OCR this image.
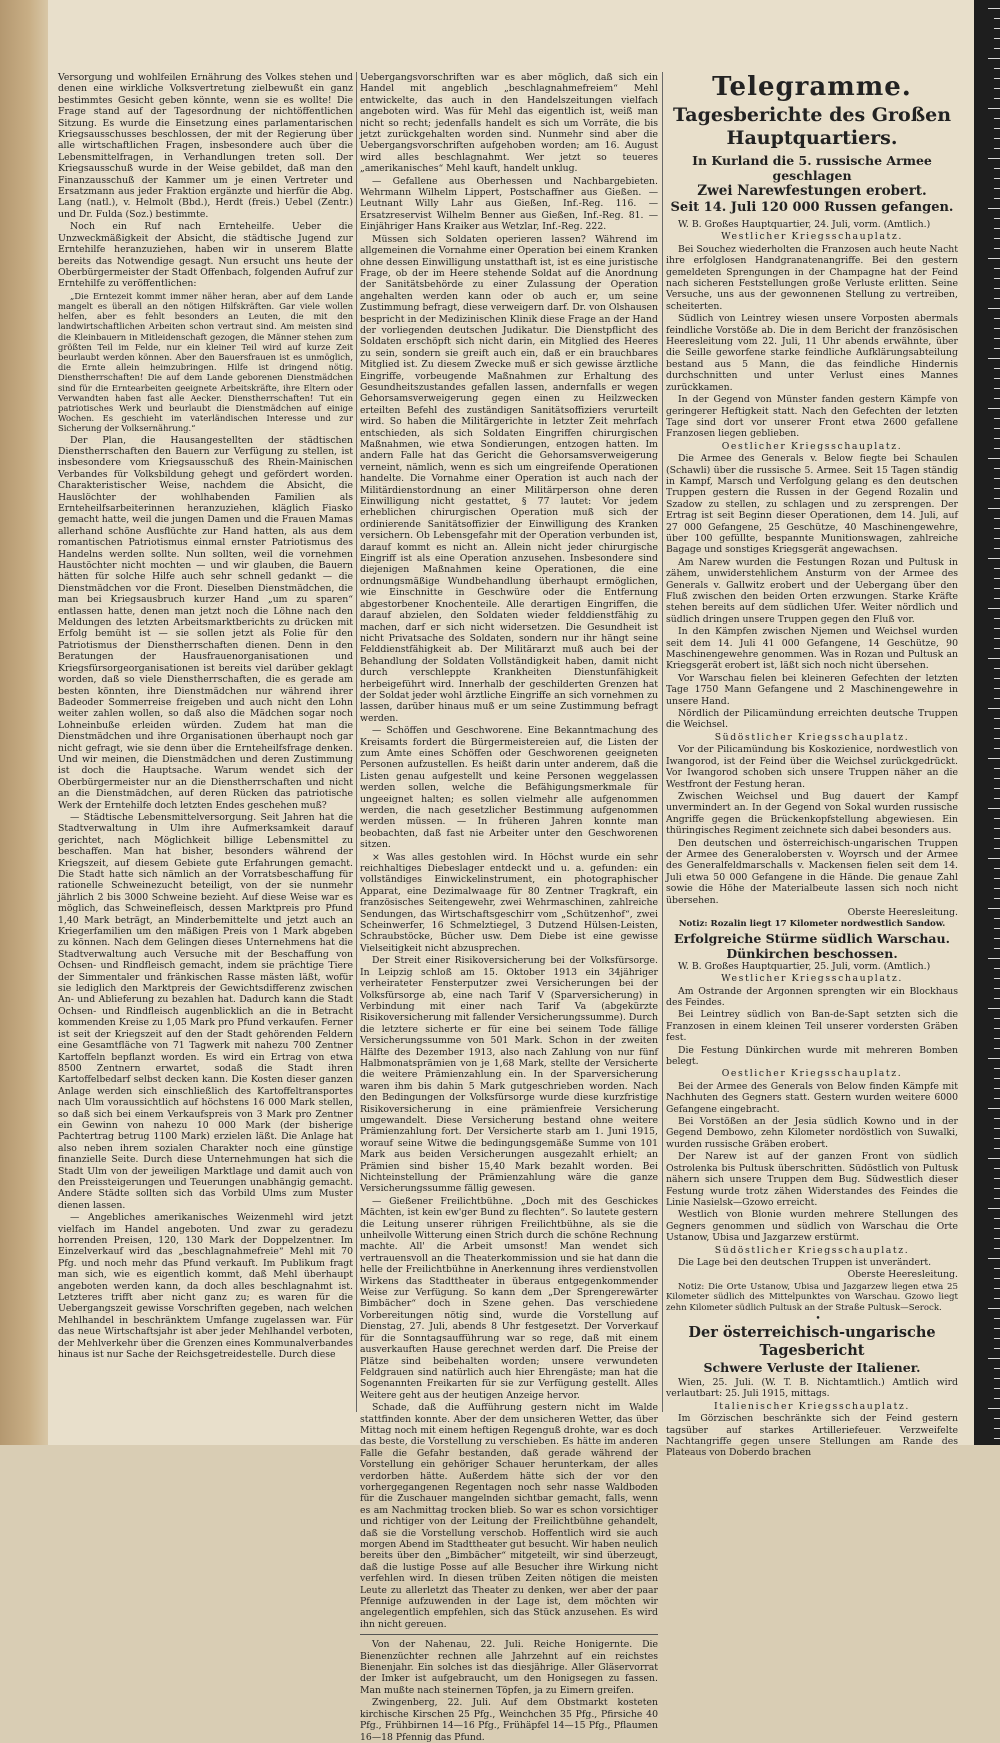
Versorgung und wohlfeilen Ernährung des Volkes stehen und denen eine wirkliche Volksvertretung zielbewußt ein ganz bestimmtes Gesicht geben könnte, wenn sie es wollte! Die Frage stand auf der Tagesordnung der nichtöffentlichen Sitzung. Es wurde die Einsetzung eines parlamentarischen Kriegsausschusses beschlossen, der mit der Regierung über alle wirtschaftlichen Fragen, insbesondere auch über die Lebensmittelfragen, in Verhandlungen treten soll. Der Kriegsausschuß wurde in der Weise gebildet, daß man den Finanzausschuß der Kammer um je einen Vertreter und Ersatzmann aus jeder Fraktion ergänzte und hierfür die Abg. Lang (natl.), v. Helmolt (Bbd.), Herdt (freis.) Uebel (Zentr.) und Dr. Fulda (Soz.) bestimmte.

Noch ein Ruf nach Ernteheilfe. Ueber die Unzweckmäßigkeit der Absicht, die städtische Jugend zur Erntehilfe heranzuziehen, haben wir in unserem Blatte bereits das Notwendige gesagt. Nun ersucht uns heute der Oberbürgermeister der Stadt Offenbach, folgenden Aufruf zur Erntehilfe zu veröffentlichen:

„Die Erntezeit kommt immer näher heran, aber auf dem Lande mangelt es überall an den nötigen Hilfskräften. Gar viele wollen helfen, aber es fehlt besonders an Leuten, die mit den landwirtschaftlichen Arbeiten schon vertraut sind. Am meisten sind die Kleinbauern in Mitleidenschaft gezogen, die Männer stehen zum größten Teil im Felde, nur ein kleiner Teil wird auf kurze Zeit beurlaubt werden können. Aber den Bauersfrauen ist es unmöglich, die Ernte allein heimzubringen. Hilfe ist dringend nötig. Dienstherrschaften! Die auf dem Lande geborenen Dienstmädchen sind für die Erntearbeiten geeignete Arbeitskräfte, ihre Eltern oder Verwandten haben fast alle Aecker. Dienstherrschaften! Tut ein patriotisches Werk und beurlaubt die Dienstmädchen auf einige Wochen. Es geschieht im vaterländischen Interesse und zur Sicherung der Volksernährung.“

Der Plan, die Hausangestellten der städtischen Dienstherrschaften den Bauern zur Verfügung zu stellen, ist insbesondere vom Kriegsausschuß des Rhein-Mainischen Verbandes für Volksbildung gehegt und gefördert worden. Charakteristischer Weise, nachdem die Absicht, die Hauslöchter der wohlhabenden Familien als Ernteheilfsarbeiterinnen heranzuziehen, kläglich Fiasko gemacht hatte, weil die jungen Damen und die Frauen Mamas allerhand schöne Ausflüchte zur Hand hatten, als aus dem romantischen Patriotismus einmal ernster Patriotismus des Handelns werden sollte. Nun sollten, weil die vornehmen Haustöchter nicht mochten — und wir glauben, die Bauern hätten für solche Hilfe auch sehr schnell gedankt — die Dienstmädchen vor die Front. Dieselben Dienstmädchen, die man bei Kriegsausbruch kurzer Hand „um zu sparen“ entlassen hatte, denen man jetzt noch die Löhne nach den Meldungen des letzten Arbeitsmarktberichts zu drücken mit Erfolg bemüht ist — sie sollen jetzt als Folie für den Patriotismus der Dienstherrschaften dienen. Denn in den Beratungen der Hausfrauenorganisationen und Kriegsfürsorgeorganisationen ist bereits viel darüber geklagt worden, daß so viele Dienstherrschaften, die es gerade am besten könnten, ihre Dienstmädchen nur während ihrer Badeoder Sommerreise freigeben und auch nicht den Lohn weiter zahlen wollen, so daß also die Mädchen sogar noch Lohneinbuße erleiden würden. Zudem hat man die Dienstmädchen und ihre Organisationen überhaupt noch gar nicht gefragt, wie sie denn über die Ernteheilfsfrage denken. Und wir meinen, die Dienstmädchen und deren Zustimmung ist doch die Hauptsache. Warum wendet sich der Oberbürgermeister nur an die Dienstherrschaften und nicht an die Dienstmädchen, auf deren Rücken das patriotische Werk der Erntehilfe doch letzten Endes geschehen muß?

— Städtische Lebensmittelversorgung. Seit Jahren hat die Stadtverwaltung in Ulm ihre Aufmerksamkeit darauf gerichtet, nach Möglichkeit billige Lebensmittel zu beschaffen. Man hat bisher, besonders während der Kriegszeit, auf diesem Gebiete gute Erfahrungen gemacht. Die Stadt hatte sich nämlich an der Vorratsbeschaffung für rationelle Schweinezucht beteiligt, von der sie nunmehr jährlich 2 bis 3000 Schweine bezieht. Auf diese Weise war es möglich, das Schweinefleisch, dessen Marktpreis pro Pfund 1,40 Mark beträgt, an Minderbemittelte und jetzt auch an Kriegerfamilien um den mäßigen Preis von 1 Mark abgeben zu können. Nach dem Gelingen dieses Unternehmens hat die Stadtverwaltung auch Versuche mit der Beschaffung von Ochsen- und Rindfleisch gemacht, indem sie prächtige Tiere der Simmentaler und fränkischen Rasse mästen läßt, wofür sie lediglich den Marktpreis der Gewichtsdifferenz zwischen An- und Ablieferung zu bezahlen hat. Dadurch kann die Stadt Ochsen- und Rindfleisch augenblicklich an die in Betracht kommenden Kreise zu 1,05 Mark pro Pfund verkaufen. Ferner ist seit der Kriegszeit auf den der Stadt gehörenden Feldern eine Gesamtfläche von 71 Tagwerk mit nahezu 700 Zentner Kartoffeln bepflanzt worden. Es wird ein Ertrag von etwa 8500 Zentnern erwartet, sodaß die Stadt ihren Kartoffelbedarf selbst decken kann. Die Kosten dieser ganzen Anlage werden sich einschließlich des Kartoffeltransportes nach Ulm voraussichtlich auf höchstens 16 000 Mark stellen, so daß sich bei einem Verkaufspreis von 3 Mark pro Zentner ein Gewinn von nahezu 10 000 Mark (der bisherige Pachtertrag betrug 1100 Mark) erzielen läßt. Die Anlage hat also neben ihrem sozialen Charakter noch eine günstige finanzielle Seite. Durch diese Unternehmungen hat sich die Stadt Ulm von der jeweiligen Marktlage und damit auch von den Preissteigerungen und Teuerungen unabhängig gemacht. Andere Städte sollten sich das Vorbild Ulms zum Muster dienen lassen.

— Angebliches amerikanisches Weizenmehl wird jetzt vielfach im Handel angeboten. Und zwar zu geradezu horrenden Preisen, 120, 130 Mark der Doppelzentner. Im Einzelverkauf wird das „beschlagnahmefreie“ Mehl mit 70 Pfg. und noch mehr das Pfund verkauft. Im Publikum fragt man sich, wie es eigentlich kommt, daß Mehl überhaupt angeboten werden kann, da doch alles beschlagnahmt ist. Letzteres trifft aber nicht ganz zu; es waren für die Uebergangszeit gewisse Vorschriften gegeben, nach welchen Mehlhandel in beschränktem Umfange zugelassen war. Für das neue Wirtschaftsjahr ist aber jeder Mehlhandel verboten, der Mehlverkehr über die Grenzen eines Kommunalverbandes hinaus ist nur Sache der Reichsgetreidestelle. Durch diese

Uebergangsvorschriften war es aber möglich, daß sich ein Handel mit angeblich „beschlagnahmefreiem“ Mehl entwickelte, das auch in den Handelszeitungen vielfach angeboten wird. Was für Mehl das eigentlich ist, weiß man nicht so recht; jedenfalls handelt es sich um Vorräte, die bis jetzt zurückgehalten worden sind. Nunmehr sind aber die Uebergangsvorschriften aufgehoben worden; am 16. August wird alles beschlagnahmt. Wer jetzt so teueres „amerikanisches“ Mehl kauft, handelt unklug.

— Gefallene aus Oberhessen und Nachbargebieten. Wehrmann Wilhelm Lippert, Postschaffner aus Gießen. — Leutnant Willy Lahr aus Gießen, Inf.-Reg. 116. — Ersatzreservist Wilhelm Benner aus Gießen, Inf.-Reg. 81. — Einjähriger Hans Kraiker aus Wetzlar, Inf.-Reg. 222.

Müssen sich Soldaten operieren lassen? Während im allgemeinen die Vornahme einer Operation bei einem Kranken ohne dessen Einwilligung unstatthaft ist, ist es eine juristische Frage, ob der im Heere stehende Soldat auf die Anordnung der Sanitätsbehörde zu einer Zulassung der Operation angehalten werden kann oder ob auch er, um seine Zustimmung befragt, diese verweigern darf. Dr. von Olshausen bespricht in der Medizinischen Klinik diese Frage an der Hand der vorliegenden deutschen Judikatur. Die Dienstpflicht des Soldaten erschöpft sich nicht darin, ein Mitglied des Heeres zu sein, sondern sie greift auch ein, daß er ein brauchbares Mitglied ist. Zu diesem Zwecke muß er sich gewisse ärztliche Eingriffe, vorbeugende Maßnahmen zur Erhaltung des Gesundheitszustandes gefallen lassen, andernfalls er wegen Gehorsamsverweigerung gegen einen zu Heilzwecken erteilten Befehl des zuständigen Sanitätsoffiziers verurteilt wird. So haben die Militärgerichte in letzter Zeit mehrfach entschieden, als sich Soldaten Eingriffen chirurgischen Maßnahmen, wie etwa Sondierungen, entzogen hatten. Im andern Falle hat das Gericht die Gehorsamsverweigerung verneint, nämlich, wenn es sich um eingreifende Operationen handelte. Die Vornahme einer Operation ist auch nach der Militärdienstordnung an einer Militärperson ohne deren Einwilligung nicht gestattet, § 77 lautet: Vor jedem erheblichen chirurgischen Operation muß sich der ordinierende Sanitätsoffizier der Einwilligung des Kranken versichern. Ob Lebensgefahr mit der Operation verbunden ist, darauf kommt es nicht an. Allein nicht jeder chirurgische Eingriff ist als eine Operation anzusehen. Insbesondere sind diejenigen Maßnahmen keine Operationen, die eine ordnungsmäßige Wundbehandlung überhaupt ermöglichen, wie Einschnitte in Geschwüre oder die Entfernung abgestorbener Knochenteile. Alle derartigen Eingriffen, die darauf abzielen, den Soldaten wieder felddienstfähig zu machen, darf er sich nicht widersetzen. Die Gesundheit ist nicht Privatsache des Soldaten, sondern nur ihr hängt seine Felddienstfähigkeit ab. Der Militärarzt muß auch bei der Behandlung der Soldaten Vollständigkeit haben, damit nicht durch verschleppte Krankheiten Dienstunfähigkeit herbeigeführt wird. Innerhalb der geschilderten Grenzen hat der Soldat jeder wohl ärztliche Eingriffe an sich vornehmen zu lassen, darüber hinaus muß er um seine Zustimmung befragt werden.

— Schöffen und Geschworene. Eine Bekanntmachung des Kreisamts fordert die Bürgermeistereien auf, die Listen der zum Amte eines Schöffen oder Geschworenen geeigneten Personen aufzustellen. Es heißt darin unter anderem, daß die Listen genau aufgestellt und keine Personen weggelassen werden sollen, welche die Befähigungsmerkmale für ungeeignet halten; es sollen vielmehr alle aufgenommen werden, die nach gesetzlicher Bestimmung aufgenommen werden müssen. — In früheren Jahren konnte man beobachten, daß fast nie Arbeiter unter den Geschworenen sitzen.

× Was alles gestohlen wird. In Höchst wurde ein sehr reichhaltiges Diebeslager entdeckt und u. a. gefunden: ein vollständiges Einwickelinstrument, ein photographischer Apparat, eine Dezimalwaage für 80 Zentner Tragkraft, ein französisches Seitengewehr, zwei Wehrmaschinen, zahlreiche Sendungen, das Wirtschaftsgeschirr vom „Schützenhof“, zwei Scheinwerfer, 16 Schmelztiegel, 3 Dutzend Hülsen-Leisten, Schraubstöcke, Bücher usw. Dem Diebe ist eine gewisse Vielseitigkeit nicht abzusprechen.

Der Streit einer Risikoversicherung bei der Volksfürsorge. In Leipzig schloß am 15. Oktober 1913 ein 34jähriger verheirateter Fensterputzer zwei Versicherungen bei der Volksfürsorge ab, eine nach Tarif V (Sparversicherung) in Verbindung mit einer nach Tarif Va (abgekürzte Risikoversicherung mit fallender Versicherungssumme). Durch die letztere sicherte er für eine bei seinem Tode fällige Versicherungssumme von 501 Mark. Schon in der zweiten Hälfte des Dezember 1913, also nach Zahlung von nur fünf Halbmonatsprämien von je 1,68 Mark, stellte der Versicherte die weitere Prämienzahlung ein. In der Sparversicherung waren ihm bis dahin 5 Mark gutgeschrieben worden. Nach den Bedingungen der Volksfürsorge wurde diese kurzfristige Risikoversicherung in eine prämienfreie Versicherung umgewandelt. Diese Versicherung bestand ohne weitere Prämienzahlung fort. Der Versicherte starb am 1. Juni 1915, worauf seine Witwe die bedingungsgemäße Summe von 101 Mark aus beiden Versicherungen ausgezahlt erhielt; an Prämien sind bisher 15,40 Mark bezahlt worden. Bei Nichteinstellung der Prämienzahlung wäre die ganze Versicherungssumme fällig gewesen.

— Gießener Freilichtbühne. „Doch mit des Geschickes Mächten, ist kein ew'ger Bund zu flechten“. So lautete gestern die Leitung unserer rührigen Freilichtbühne, als sie die unheilvolle Witterung einen Strich durch die schöne Rechnung machte. All' die Arbeit umsonst! Man wendet sich vertrauensvoll an die Theaterkommission und sie hat dann die helle der Freilichtbühne in Anerkennung ihres verdienstvollen Wirkens das Stadttheater in überaus entgegenkommender Weise zur Verfügung. So kann dem „Der Sprengerewärter Bimbächer“ doch in Szene gehen. Das verschiedene Vorbereitungen nötig sind, wurde die Vorstellung auf Dienstag, 27. Juli, abends 8 Uhr festgesetzt. Der Vorverkauf für die Sonntagsaufführung war so rege, daß mit einem ausverkauften Hause gerechnet werden darf. Die Preise der Plätze sind beibehalten worden; unsere verwundeten Feldgrauen sind natürlich auch hier Ehrengäste; man hat die Sogenannten Freikarten für sie zur Verfügung gestellt. Alles Weitere geht aus der heutigen Anzeige hervor.

Schade, daß die Aufführung gestern nicht im Walde stattfinden konnte. Aber der dem unsicheren Wetter, das über Mittag noch mit einem heftigen Regenguß drohte, war es doch das beste, die Vorstellung zu verschieben. Es hätte im anderen Falle die Gefahr bestanden, daß gerade während der Vorstellung ein gehöriger Schauer herunterkam, der alles verdorben hätte. Außerdem hätte sich der vor den vorhergegangenen Regentagen noch sehr nasse Waldboden für die Zuschauer mangelnden sichtbar gemacht, falls, wenn es am Nachmittag trocken blieb. So war es schon vorsichtiger und richtiger von der Leitung der Freilichtbühne gehandelt, daß sie die Vorstellung verschob. Hoffentlich wird sie auch morgen Abend im Stadttheater gut besucht. Wir haben neulich bereits über den „Bimbächer“ mitgeteilt, wir sind überzeugt, daß die lustige Posse auf alle Besucher ihre Wirkung nicht verfehlen wird. In diesen trüben Zeiten nötigen die meisten Leute zu allerletzt das Theater zu denken, wer aber der paar Pfennige aufzuwenden in der Lage ist, dem möchten wir angelegentlich empfehlen, sich das Stück anzusehen. Es wird ihn nicht gereuen.

Von der Nahenau, 22. Juli. Reiche Honigernte. Die Bienenzüchter rechnen alle Jahrzehnt auf ein reichstes Bienenjahr. Ein solches ist das diesjährige. Aller Gläservorrat der Imker ist aufgebraucht, um den Honigsegen zu fassen. Man mußte nach steinernen Töpfen, ja zu Eimern greifen.

Zwingenberg, 22. Juli. Auf dem Obstmarkt kosteten kirchische Kirschen 25 Pfg., Weinchchen 35 Pfg., Pfirsiche 40 Pfg., Frühbirnen 14—16 Pfg., Frühäpfel 14—15 Pfg., Pflaumen 16—18 Pfennig das Pfund.

Telegramme.
Tagesberichte des Großen Hauptquartiers.
In Kurland die 5. russische Armee geschlagen
Zwei Narewfestungen erobert.
Seit 14. Juli 120 000 Russen gefangen.

W. B. Großes Hauptquartier, 24. Juli, vorm. (Amtlich.)

Westlicher Kriegsschauplatz.

Bei Souchez wiederholten die Franzosen auch heute Nacht ihre erfolglosen Handgranatenangriffe. Bei den gestern gemeldeten Sprengungen in der Champagne hat der Feind nach sicheren Feststellungen große Verluste erlitten. Seine Versuche, uns aus der gewonnenen Stellung zu vertreiben, scheiterten.

Südlich von Leintrey wiesen unsere Vorposten abermals feindliche Vorstöße ab. Die in dem Bericht der französischen Heeresleitung vom 22. Juli, 11 Uhr abends erwähnte, über die Seille geworfene starke feindliche Aufklärungsabteilung bestand aus 5 Mann, die das feindliche Hindernis durchschnitten und unter Verlust eines Mannes zurückkamen.

In der Gegend von Münster fanden gestern Kämpfe von geringerer Heftigkeit statt. Nach den Gefechten der letzten Tage sind dort vor unserer Front etwa 2600 gefallene Franzosen liegen geblieben.

Oestlicher Kriegsschauplatz.

Die Armee des Generals v. Below fiegte bei Schaulen (Schawli) über die russische 5. Armee. Seit 15 Tagen ständig in Kampf, Marsch und Verfolgung gelang es den deutschen Truppen gestern die Russen in der Gegend Rozalin und Szadow zu stellen, zu schlagen und zu zersprengen. Der Ertrag ist seit Beginn dieser Operationen, dem 14. Juli, auf 27 000 Gefangene, 25 Geschütze, 40 Maschinengewehre, über 100 gefüllte, bespannte Munitionswagen, zahlreiche Bagage und sonstiges Kriegsgerät angewachsen.

Am Narew wurden die Festungen Rozan und Pultusk in zähem, unwiderstehlichem Ansturm von der Armee des Generals v. Gallwitz erobert und der Uebergang über den Fluß zwischen den beiden Orten erzwungen. Starke Kräfte stehen bereits auf dem südlichen Ufer. Weiter nördlich und südlich dringen unsere Truppen gegen den Fluß vor.

In den Kämpfen zwischen Njemen und Weichsel wurden seit dem 14. Juli 41 000 Gefangene, 14 Geschütze, 90 Maschinengewehre genommen. Was in Rozan und Pultusk an Kriegsgerät erobert ist, läßt sich noch nicht übersehen.

Vor Warschau fielen bei kleineren Gefechten der letzten Tage 1750 Mann Gefangene und 2 Maschinengewehre in unsere Hand.

Nördlich der Pilicamündung erreichten deutsche Truppen die Weichsel.

Südöstlicher Kriegsschauplatz.

Vor der Pilicamündung bis Koskozienice, nordwestlich von Iwangorod, ist der Feind über die Weichsel zurückgedrückt. Vor Iwangorod schoben sich unsere Truppen näher an die Westfront der Festung heran.

Zwischen Weichsel und Bug dauert der Kampf unvermindert an. In der Gegend von Sokal wurden russische Angriffe gegen die Brückenkopfstellung abgewiesen. Ein thüringisches Regiment zeichnete sich dabei besonders aus.

Den deutschen und österreichisch-ungarischen Truppen der Armee des Generalobersten v. Woyrsch und der Armee des Generalfeldmarschalls v. Mackensen fielen seit dem 14. Juli etwa 50 000 Gefangene in die Hände. Die genaue Zahl sowie die Höhe der Materialbeute lassen sich noch nicht übersehen.

Oberste Heeresleitung.

Notiz: Rozalin liegt 17 Kilometer nordwestlich Sandow.

Erfolgreiche Stürme südlich Warschau.
Dünkirchen beschossen.

W. B. Großes Hauptquartier, 25. Juli, vorm. (Amtlich.)

Westlicher Kriegsschauplatz.

Am Ostrande der Argonnen sprengten wir ein Blockhaus des Feindes.

Bei Leintrey südlich von Ban-de-Sapt setzten sich die Franzosen in einem kleinen Teil unserer vordersten Gräben fest.

Die Festung Dünkirchen wurde mit mehreren Bomben belegt.

Oestlicher Kriegsschauplatz.

Bei der Armee des Generals von Below finden Kämpfe mit Nachhuten des Gegners statt. Gestern wurden weitere 6000 Gefangene eingebracht.

Bei Vorstößen an der Jesia südlich Kowno und in der Gegend Dembowo, zehn Kilometer nordöstlich von Suwalki, wurden russische Gräben erobert.

Der Narew ist auf der ganzen Front von südlich Ostrolenka bis Pultusk überschritten. Südöstlich von Pultusk nähern sich unsere Truppen dem Bug. Südwestlich dieser Festung wurde trotz zähen Widerstandes des Feindes die Linie Nasielsk—Gzowo erreicht.

Westlich von Blonie wurden mehrere Stellungen des Gegners genommen und südlich von Warschau die Orte Ustanow, Ubisa und Jazgarzew erstürmt.

Südöstlicher Kriegsschauplatz.

Die Lage bei den deutschen Truppen ist unverändert.

Oberste Heeresleitung.

Notiz: Die Orte Ustanow, Ubisa und Jazgarzew liegen etwa 25 Kilometer südlich des Mittelpunktes von Warschau. Gzowo liegt zehn Kilometer südlich Pultusk an der Straße Pultusk—Serock.

•

Der österreichisch-ungarische Tagesbericht
Schwere Verluste der Italiener.

Wien, 25. Juli. (W. T. B. Nichtamtlich.) Amtlich wird verlautbart: 25. Juli 1915, mittags.

Italienischer Kriegsschauplatz.

Im Görzischen beschränkte sich der Feind gestern tagsüber auf starkes Artilleriefeuer. Verzweifelte Nachtangriffe gegen unsere Stellungen am Rande des Plateaus von Doberdo brachen
